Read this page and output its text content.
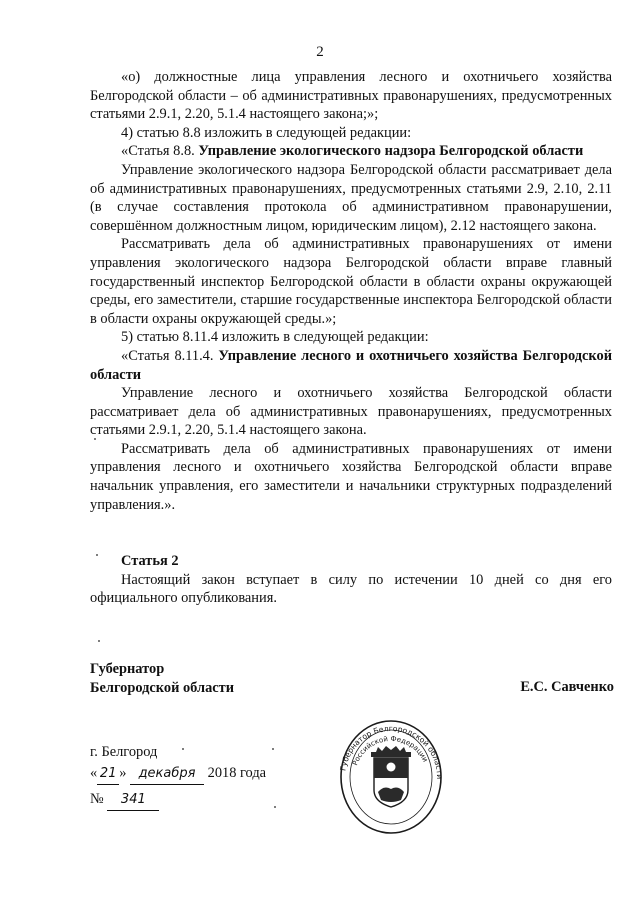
2

«о) должностные лица управления лесного и охотничьего хозяйства Белгородской области – об административных правонарушениях, предусмотренных статьями 2.9.1, 2.20, 5.1.4 настоящего закона;»;

4) статью 8.8 изложить в следующей редакции:

«Статья 8.8. Управление экологического надзора Белгородской области

Управление экологического надзора Белгородской области рассматривает дела об административных правонарушениях, предусмотренных статьями 2.9, 2.10, 2.11 (в случае составления протокола об административном правонарушении, совершённом должностным лицом, юридическим лицом), 2.12 настоящего закона.

Рассматривать дела об административных правонарушениях от имени управления экологического надзора Белгородской области вправе главный государственный инспектор Белгородской области в области охраны окружающей среды, его заместители, старшие государственные инспектора Белгородской области в области охраны окружающей среды.»;

5) статью 8.11.4 изложить в следующей редакции:

«Статья 8.11.4. Управление лесного и охотничьего хозяйства Белгородской области

Управление лесного и охотничьего хозяйства Белгородской области рассматривает дела об административных правонарушениях, предусмотренных статьями 2.9.1, 2.20, 5.1.4 настоящего закона.

Рассматривать дела об административных правонарушениях от имени управления лесного и охотничьего хозяйства Белгородской области вправе начальник управления, его заместители и начальники структурных подразделений управления.».

Статья 2

Настоящий закон вступает в силу по истечении 10 дней со дня его официального опубликования.

Губернатор
Белгородской области	Е.С. Савченко
г. Белгород
« 21 » декабря 2018 года
№ 341
Губернатор Белгородской области
Российской Федерации
